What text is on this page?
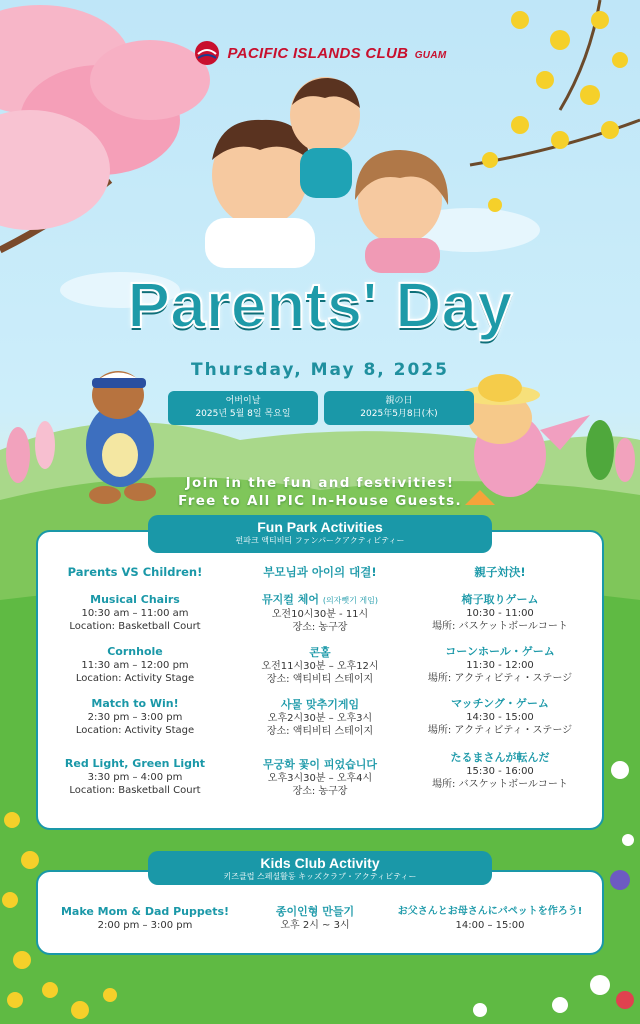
PACIFIC ISLANDS CLUB GUAM
Parents' Day
Thursday, May 8, 2025
어버이날
2025년 5월 8일 목요일
親の日
2025年5月8日(木)
Join in the fun and festivities!
Free to All PIC In-House Guests.
Fun Park Activities
펀파크 액티비티 ファンパークアクティビティー
Parents VS Children!
Musical Chairs
10:30 am – 11:00 am
Location: Basketball Court
Cornhole
11:30 am – 12:00 pm
Location: Activity Stage
Match to Win!
2:30 pm – 3:00 pm
Location: Activity Stage
Red Light, Green Light
3:30 pm – 4:00 pm
Location: Basketball Court
부모님과 아이의 대결!
뮤지컬 체어 (의자뺏기 게임)
오전10시30분 - 11시
장소: 농구장
콘홀
오전11시30분 – 오후12시
장소: 액티비티 스테이지
사물 맞추기게임
오후2시30분 – 오후3시
장소: 액티비티 스테이지
무궁화 꽃이 피었습니다
오후3시30분 – 오후4시
장소: 농구장
親子対決!
椅子取りゲーム
10:30 - 11:00
場所: バスケットボールコート
コーンホール・ゲーム
11:30 - 12:00
場所: アクティビティ・ステージ
マッチング・ゲーム
14:30 - 15:00
場所: アクティビティ・ステージ
たるまさんが転んだ
15:30 - 16:00
場所: バスケットボールコート
Kids Club Activity
키즈클럽 스페셜활동 キッズクラブ・アクティビティー
Make Mom & Dad Puppets!
2:00 pm – 3:00 pm
종이인형 만들기
오후 2시 ~ 3시
お父さんとお母さんにパペットを作ろう!
14:00 – 15:00
